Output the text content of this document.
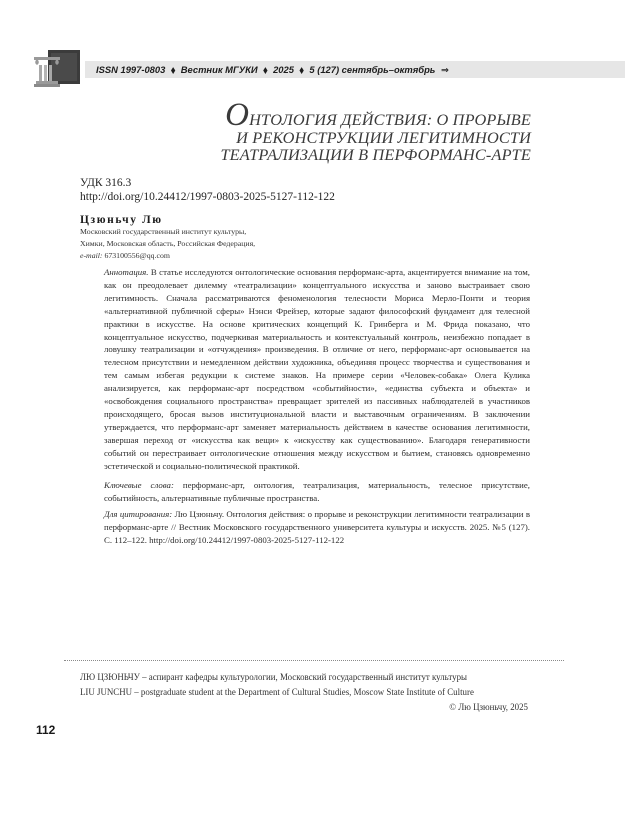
ISSN 1997-0803 ⬧ Вестник МГУКИ ⬧ 2025 ⬧ 5 (127) сентябрь–октябрь ⇒
ОНТОЛОГИЯ ДЕЙСТВИЯ: О ПРОРЫВЕ
И РЕКОНСТРУКЦИИ ЛЕГИТИМНОСТИ
ТЕАТРАЛИЗАЦИИ В ПЕРФОРМАНС-АРТЕ
УДК 316.3
http://doi.org/10.24412/1997-0803-2025-5127-112-122
Цзюньчу Лю
Московский государственный институт культуры,
Химки, Московская область, Российская Федерация,
e-mail: 673100556@qq.com
Аннотация. В статье исследуются онтологические основания перформанс-арта, акцентируется внимание на том, как он преодолевает дилемму «театрализации» концептуального искусства и заново выстраивает свою легитимность. Сначала рассматриваются феноменология телесности Мориса Мерло-Понти и теория «альтернативной публичной сферы» Нэнси Фрейзер, которые задают философский фундамент для телесной практики в искусстве. На основе критических концепций К. Гринберга и М. Фрида показано, что концептуальное искусство, подчеркивая материальность и контекстуальный контроль, неизбежно попадает в ловушку театрализации и «отчуждения» произведения. В отличие от него, перформанс-арт основывается на телесном присутствии и немедленном действии художника, объединяя процесс творчества и существования и тем самым избегая редукции к системе знаков. На примере серии «Человек-собака» Олега Кулика анализируется, как перформанс-арт посредством «событийности», «единства субъекта и объекта» и «освобождения социального пространства» превращает зрителей из пассивных наблюдателей в участников происходящего, бросая вызов институциональной власти и выставочным ограничениям. В заключении утверждается, что перформанс-арт заменяет материальность действием в качестве основания легитимности, завершая переход от «искусства как вещи» к «искусству как существованию». Благодаря генеративности событий он перестраивает онтологические отношения между искусством и бытием, становясь одновременно эстетической и социально-политической практикой.
Ключевые слова: перформанс-арт, онтология, театрализация, материальность, телесное присутствие, событийность, альтернативные публичные пространства.
Для цитирования: Лю Цзюньчу. Онтология действия: о прорыве и реконструкции легитимности театрализации в перформанс-арте // Вестник Московского государственного университета культуры и искусств. 2025. №5 (127). С. 112–122. http://doi.org/10.24412/1997-0803-2025-5127-112-122
ЛЮ ЦЗЮНЬЧУ – аспирант кафедры культурологии, Московский государственный институт культуры
LIU JUNCHU – postgraduate student at the Department of Cultural Studies, Moscow State Institute of Culture
© Лю Цзюньчу, 2025
112
